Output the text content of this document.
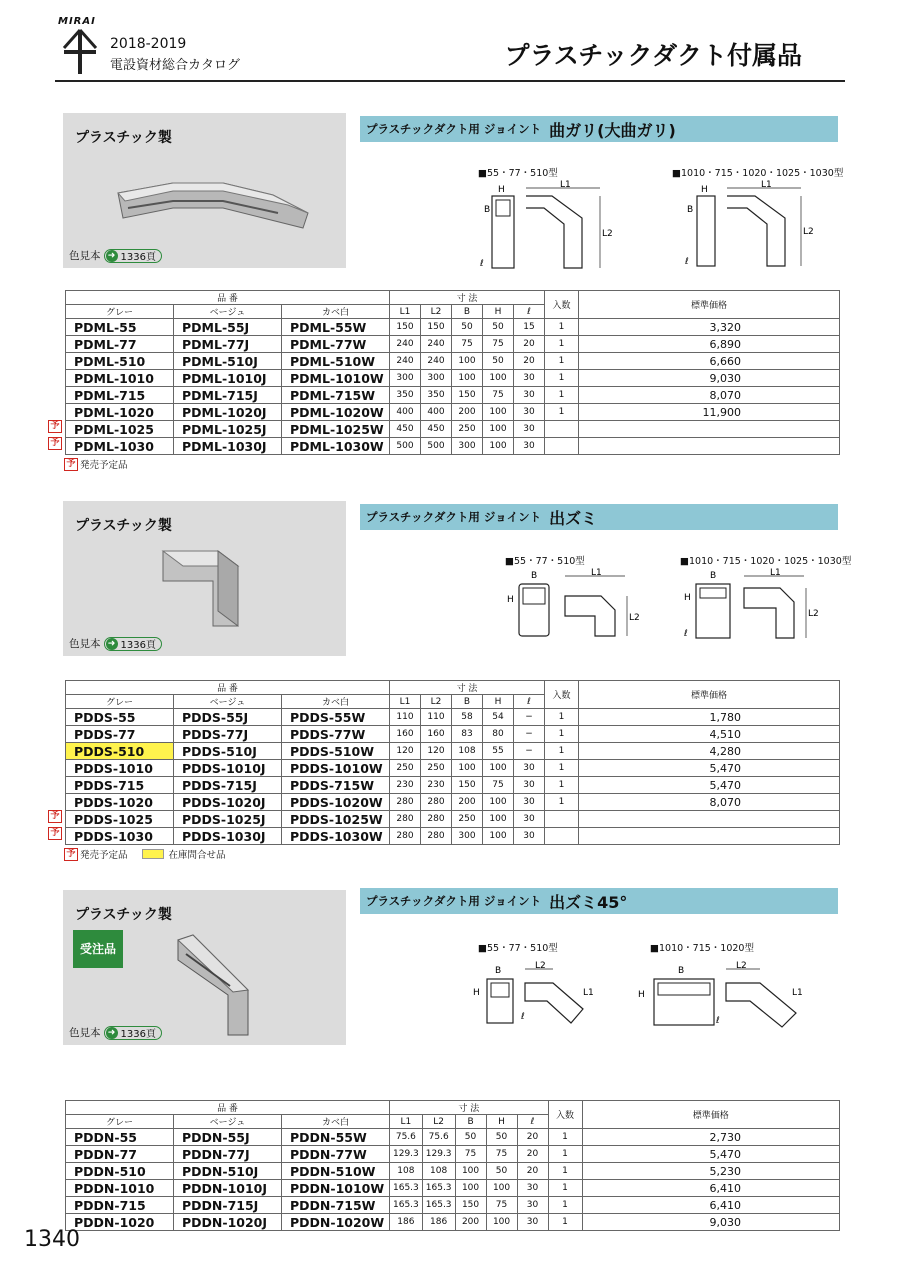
MIRAI
2018-2019
電設資材総合カタログ	プラスチックダクト付属品
プラスチック製
色見本 ➜ 1336頁
プラスチックダクト用 ジョイント 曲ガリ(大曲ガリ)
■55・77・510型	■1010・715・1020・1025・1030型
L1
L2
B
H
ℓ
L1
L2
B
H
ℓ
品 番			寸 法					入数	標準価格
グレー	ベージュ	カベ白	L1	L2	B	H	ℓ		
PDML-55	PDML-55J	PDML-55W	150	150	50	50	15	1	3,320
PDML-77	PDML-77J	PDML-77W	240	240	75	75	20	1	6,890
PDML-510	PDML-510J	PDML-510W	240	240	100	50	20	1	6,660
PDML-1010	PDML-1010J	PDML-1010W	300	300	100	100	30	1	9,030
PDML-715	PDML-715J	PDML-715W	350	350	150	75	30	1	8,070
PDML-1020	PDML-1020J	PDML-1020W	400	400	200	100	30	1	11,900
PDML-1025	PDML-1025J	PDML-1025W	450	450	250	100	30		
PDML-1030	PDML-1030J	PDML-1030W	500	500	300	100	30		
予
予
予 発売予定品
プラスチック製
色見本 ➜ 1336頁
プラスチックダクト用 ジョイント 出ズミ
■55・77・510型	■1010・715・1020・1025・1030型
L1
L2
B
H
L1
L2
B
H
ℓ
品 番			寸 法					入数	標準価格
グレー	ベージュ	カベ白	L1	L2	B	H	ℓ		
PDDS-55	PDDS-55J	PDDS-55W	110	110	58	54	−	1	1,780
PDDS-77	PDDS-77J	PDDS-77W	160	160	83	80	−	1	4,510
PDDS-510	PDDS-510J	PDDS-510W	120	120	108	55	−	1	4,280
PDDS-1010	PDDS-1010J	PDDS-1010W	250	250	100	100	30	1	5,470
PDDS-715	PDDS-715J	PDDS-715W	230	230	150	75	30	1	5,470
PDDS-1020	PDDS-1020J	PDDS-1020W	280	280	200	100	30	1	8,070
PDDS-1025	PDDS-1025J	PDDS-1025W	280	280	250	100	30		
PDDS-1030	PDDS-1030J	PDDS-1030W	280	280	300	100	30		
予
予
予 発売予定品	在庫問合せ品
プラスチック製
受注品
色見本 ➜ 1336頁
プラスチックダクト用 ジョイント 出ズミ45°
■55・77・510型	■1010・715・1020型
L2
L1
B
H
ℓ
L2
L1
B
H
ℓ
品 番			寸 法					入数	標準価格
グレー	ベージュ	カベ白	L1	L2	B	H	ℓ		
PDDN-55	PDDN-55J	PDDN-55W	75.6	75.6	50	50	20	1	2,730
PDDN-77	PDDN-77J	PDDN-77W	129.3	129.3	75	75	20	1	5,470
PDDN-510	PDDN-510J	PDDN-510W	108	108	100	50	20	1	5,230
PDDN-1010	PDDN-1010J	PDDN-1010W	165.3	165.3	100	100	30	1	6,410
PDDN-715	PDDN-715J	PDDN-715W	165.3	165.3	150	75	30	1	6,410
PDDN-1020	PDDN-1020J	PDDN-1020W	186	186	200	100	30	1	9,030
1340
